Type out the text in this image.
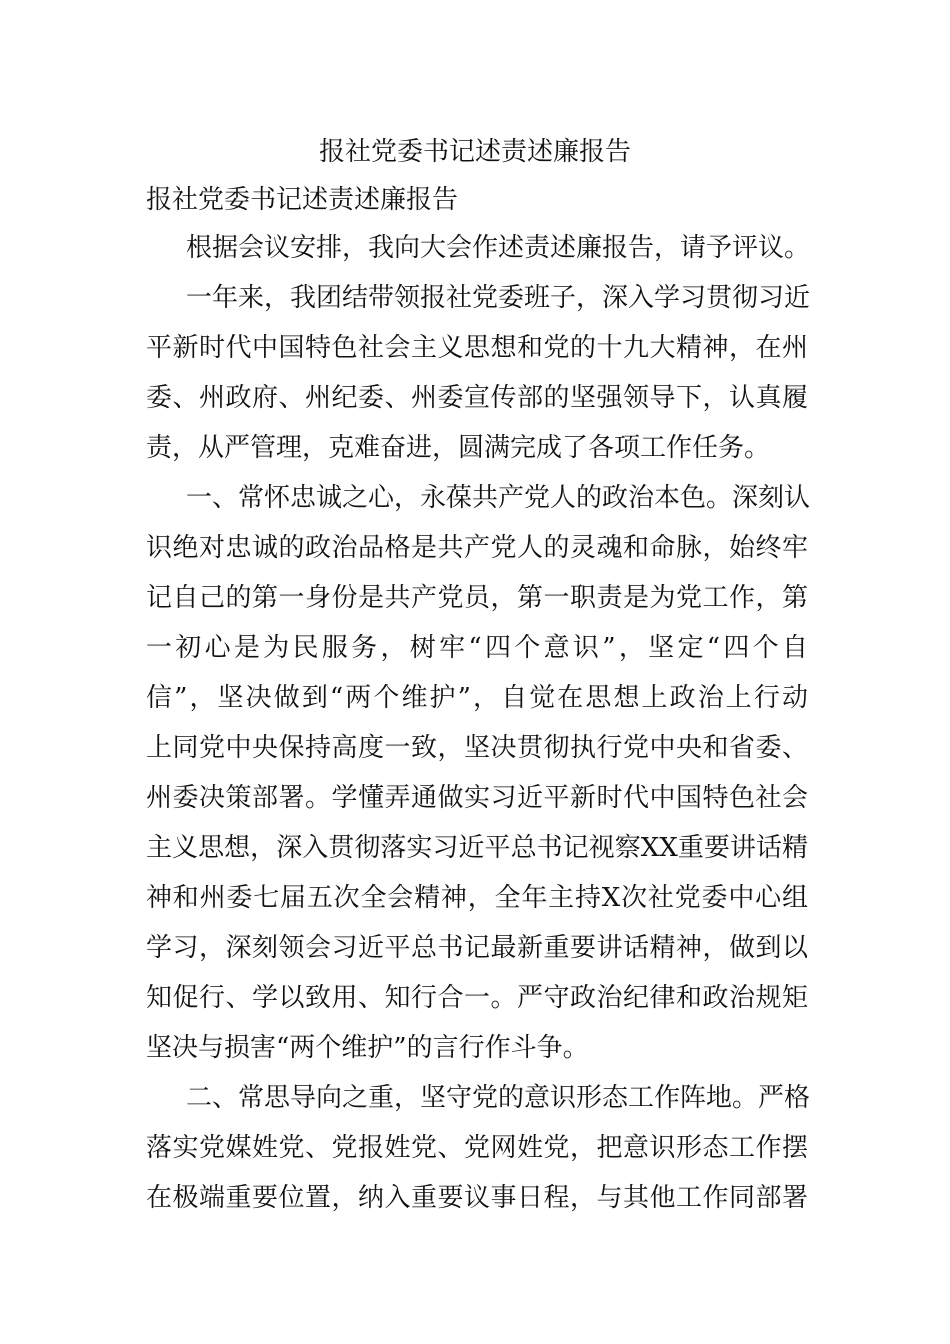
报社党委书记述责述廉报告
报社党委书记述责述廉报告
根据会议安排，我向大会作述责述廉报告，请予评议。
一年来，我团结带领报社党委班子，深入学习贯彻习近
平新时代中国特色社会主义思想和党的十九大精神，在州
委、州政府、州纪委、州委宣传部的坚强领导下，认真履
责，从严管理，克难奋进，圆满完成了各项工作任务。
一、常怀忠诚之心，永葆共产党人的政治本色。深刻认
识绝对忠诚的政治品格是共产党人的灵魂和命脉，始终牢
记自己的第一身份是共产党员，第一职责是为党工作，第
一初心是为民服务，树牢“四个意识”，坚定“四个自
信”，坚决做到“两个维护”，自觉在思想上政治上行动
上同党中央保持高度一致，坚决贯彻执行党中央和省委、
州委决策部署。学懂弄通做实习近平新时代中国特色社会
主义思想，深入贯彻落实习近平总书记视察XX重要讲话精
神和州委七届五次全会精神，全年主持X次社党委中心组
学习，深刻领会习近平总书记最新重要讲话精神，做到以
知促行、学以致用、知行合一。严守政治纪律和政治规矩
坚决与损害“两个维护”的言行作斗争。
二、常思导向之重，坚守党的意识形态工作阵地。严格
落实党媒姓党、党报姓党、党网姓党，把意识形态工作摆
在极端重要位置，纳入重要议事日程，与其他工作同部署
